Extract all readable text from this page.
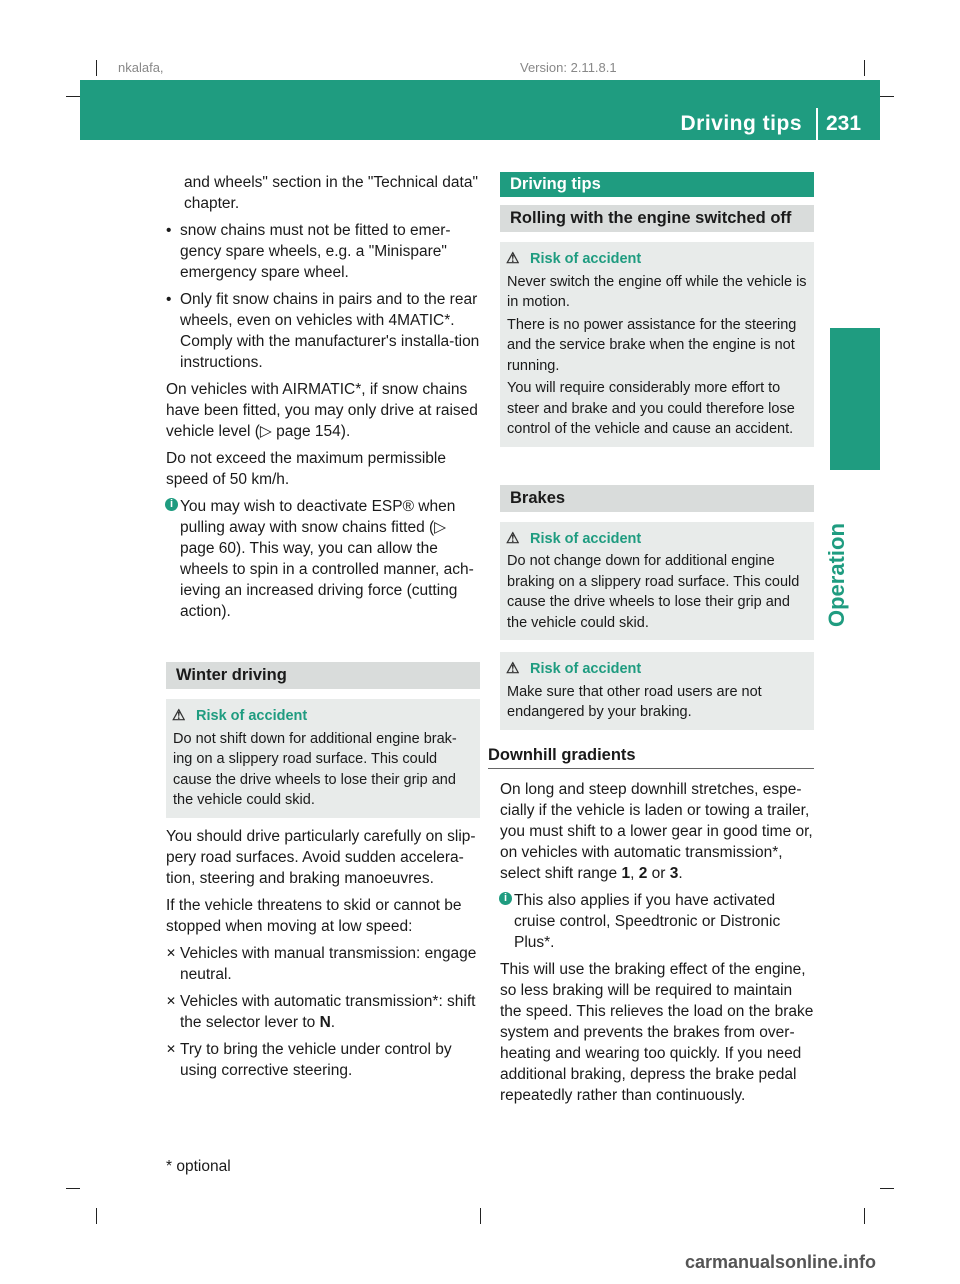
nkalafa,	Version: 2.11.8.1
Driving tips 231
Operation

and wheels" section in the "Technical data" chapter.

• snow chains must not be fitted to emer-gency spare wheels, e.g. a "Minispare" emergency spare wheel.
• Only fit snow chains in pairs and to the rear wheels, even on vehicles with 4MATIC*. Comply with the manufacturer's installa-tion instructions.

On vehicles with AIRMATIC*, if snow chains have been fitted, you may only drive at raised vehicle level (▷ page 154).

Do not exceed the maximum permissible speed of 50 km/h.

i You may wish to deactivate ESP® when pulling away with snow chains fitted (▷ page 60). This way, you can allow the wheels to spin in a controlled manner, ach-ieving an increased driving force (cutting action).
Winter driving
⚠ Risk of accident

Do not shift down for additional engine brak-ing on a slippery road surface. This could cause the drive wheels to lose their grip and the vehicle could skid.

You should drive particularly carefully on slip-pery road surfaces. Avoid sudden accelera-tion, steering and braking manoeuvres.

If the vehicle threatens to skid or cannot be stopped when moving at low speed:

✕ Vehicles with manual transmission: engage neutral.
✕ Vehicles with automatic transmission*: shift the selector lever to N.
✕ Try to bring the vehicle under control by using corrective steering.
Driving tips
Rolling with the engine switched off
⚠ Risk of accident

Never switch the engine off while the vehicle is in motion.

There is no power assistance for the steering and the service brake when the engine is not running.

You will require considerably more effort to steer and brake and you could therefore lose control of the vehicle and cause an accident.

Brakes
⚠ Risk of accident

Do not change down for additional engine braking on a slippery road surface. This could cause the drive wheels to lose their grip and the vehicle could skid.

⚠ Risk of accident

Make sure that other road users are not endangered by your braking.

Downhill gradients

On long and steep downhill stretches, espe-cially if the vehicle is laden or towing a trailer, you must shift to a lower gear in good time or, on vehicles with automatic transmission*, select shift range 1, 2 or 3.

i This also applies if you have activated cruise control, Speedtronic or Distronic Plus*.

This will use the braking effect of the engine, so less braking will be required to maintain the speed. This relieves the load on the brake system and prevents the brakes from over-heating and wearing too quickly. If you need additional braking, depress the brake pedal repeatedly rather than continuously.

* optional
carmanualsonline.info
